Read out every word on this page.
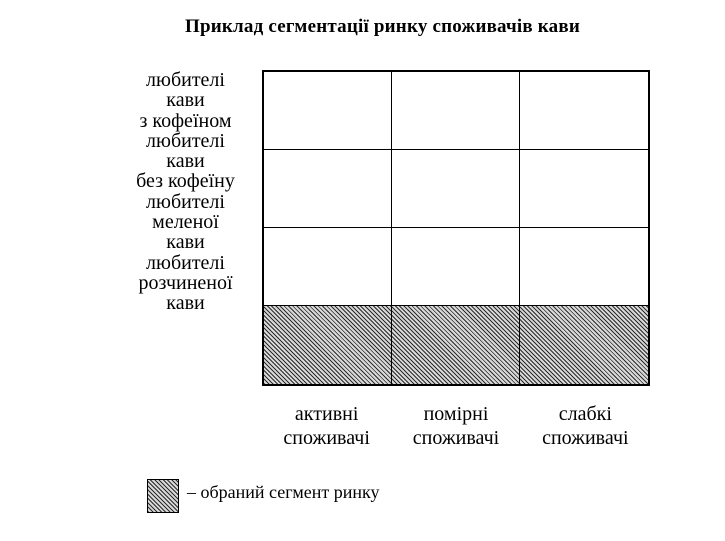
Приклад сегментації ринку споживачів кави
любителі
кави
з кофеїном
любителі
кави
без кофеїну
любителі
меленої
кави
любителі
розчиненої
кави
активні
споживачі
помірні
споживачі
слабкі
споживачі
– обраний сегмент ринку
